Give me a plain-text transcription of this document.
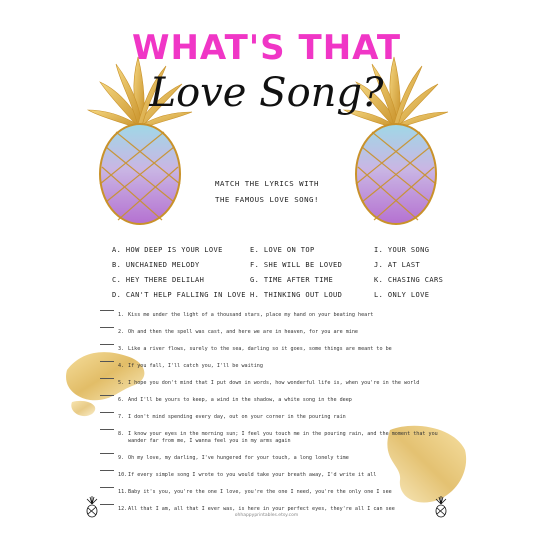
WHAT'S THAT
Love Song?
MATCH THE LYRICS WITH
THE FAMOUS LOVE SONG!
A. HOW DEEP IS YOUR LOVE
B. UNCHAINED MELODY
C. HEY THERE DELILAH
D. CAN'T HELP FALLING IN LOVE
E. LOVE ON TOP
F. SHE WILL BE LOVED
G. TIME AFTER TIME
H. THINKING OUT LOUD
I. YOUR SONG
J. AT LAST
K. CHASING CARS
L. ONLY LOVE
1. Kiss me under the light of a thousand stars, place my hand on your beating heart
2. Oh and then the spell was cast, and here we are in heaven, for you are mine
3. Like a river flows, surely to the sea, darling so it goes, some things are meant to be
4. If you fall, I'll catch you, I'll be waiting
5. I hope you don't mind that I put down in words, how wonderful life is, when you're in the world
6. And I'll be yours to keep, a wind in the shadow, a white song in the deep
7. I don't mind spending every day, out on your corner in the pouring rain
8. I know your eyes in the morning sun; I feel you touch me in the pouring rain, and the moment that you wander far from me, I wanna feel you in my arms again
9. Oh my love, my darling, I've hungered for your touch, a long lonely time
10. If every simple song I wrote to you would take your breath away, I'd write it all
11. Baby it's you, you're the one I love, you're the one I need, you're the only one I see
12. All that I am, all that I ever was, is here in your perfect eyes, they're all I can see
ohhappyprintables.etsy.com
